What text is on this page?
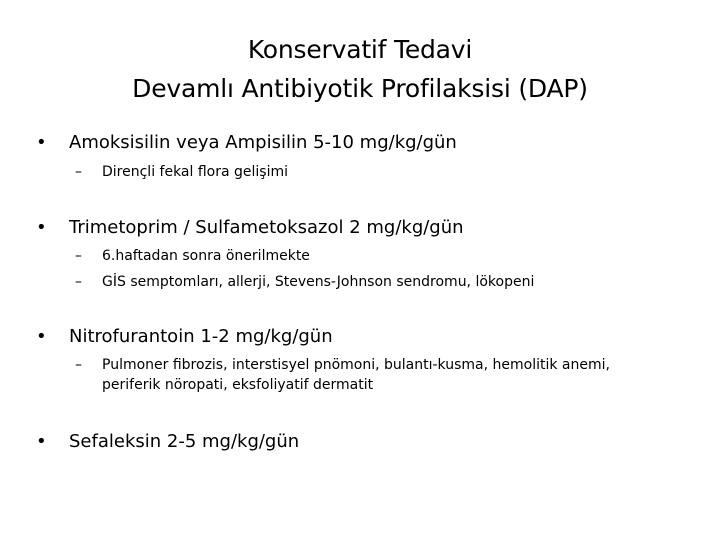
Konservatif Tedavi
Devamlı Antibiyotik Profilaksisi (DAP)
• Amoksisilin veya Ampisilin 5-10 mg/kg/gün
–	Dirençli fekal flora gelişimi
• Trimetoprim / Sulfametoksazol 2 mg/kg/gün
–	6.haftadan sonra önerilmekte
–	GİS semptomları, allerji, Stevens-Johnson sendromu, lökopeni
• Nitrofurantoin 1-2 mg/kg/gün
–	Pulmoner fibrozis, interstisyel pnömoni, bulantı-kusma, hemolitik anemi,
periferik nöropati, eksfoliyatif dermatit
• Sefaleksin 2-5 mg/kg/gün
